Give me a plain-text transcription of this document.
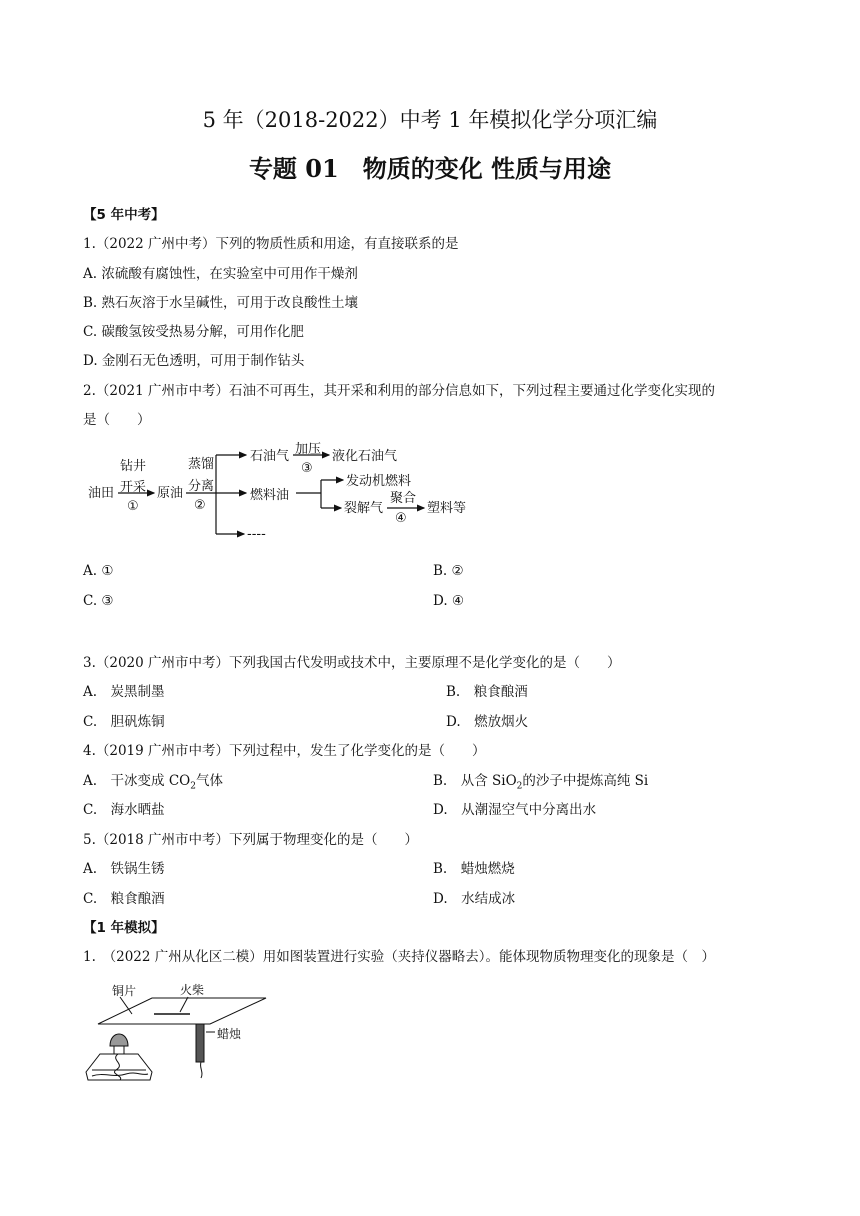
5 年（2018-2022）中考 1 年模拟化学分项汇编
专题 01　物质的变化 性质与用途
【5 年中考】
1.（2022 广州中考）下列的物质性质和用途，有直接联系的是
A. 浓硫酸有腐蚀性，在实验室中可用作干燥剂
B. 熟石灰溶于水呈碱性，可用于改良酸性土壤
C. 碳酸氢铵受热易分解，可用作化肥
D. 金刚石无色透明，可用于制作钻头
2.（2021 广州市中考）石油不可再生，其开采和利用的部分信息如下，下列过程主要通过化学变化实现的
是（　　）
油田
钻井
开采
①
原油
蒸馏
分离
②
石油气 加压
③
液化石油气
燃料油
发动机燃料
裂解气
聚合
④
塑料等
----
A. ①	B. ②
C. ③	D. ④
3.（2020 广州市中考）下列我国古代发明或技术中，主要原理不是化学变化的是（　　）
A.　炭黑制墨	B.　粮食酿酒
C.　胆矾炼铜	D.　燃放烟火
4.（2019 广州市中考）下列过程中，发生了化学变化的是（　　）
A.　干冰变成 $CO_2$气体	B.　从含 SiO$_2$的沙子中提炼高纯 Si
C.　海水晒盐	D.　从潮湿空气中分离出水
5.（2018 广州市中考）下列属于物理变化的是（　　）
A.　铁锅生锈	B.　蜡烛燃烧
C.　粮食酿酒	D.　水结成冰
【1 年模拟】
1.　（2022 广州从化区二模）用如图装置进行实验（夹持仪器略去）。能体现物质物理变化的现象是（　）
铜片	火柴
蜡烛
